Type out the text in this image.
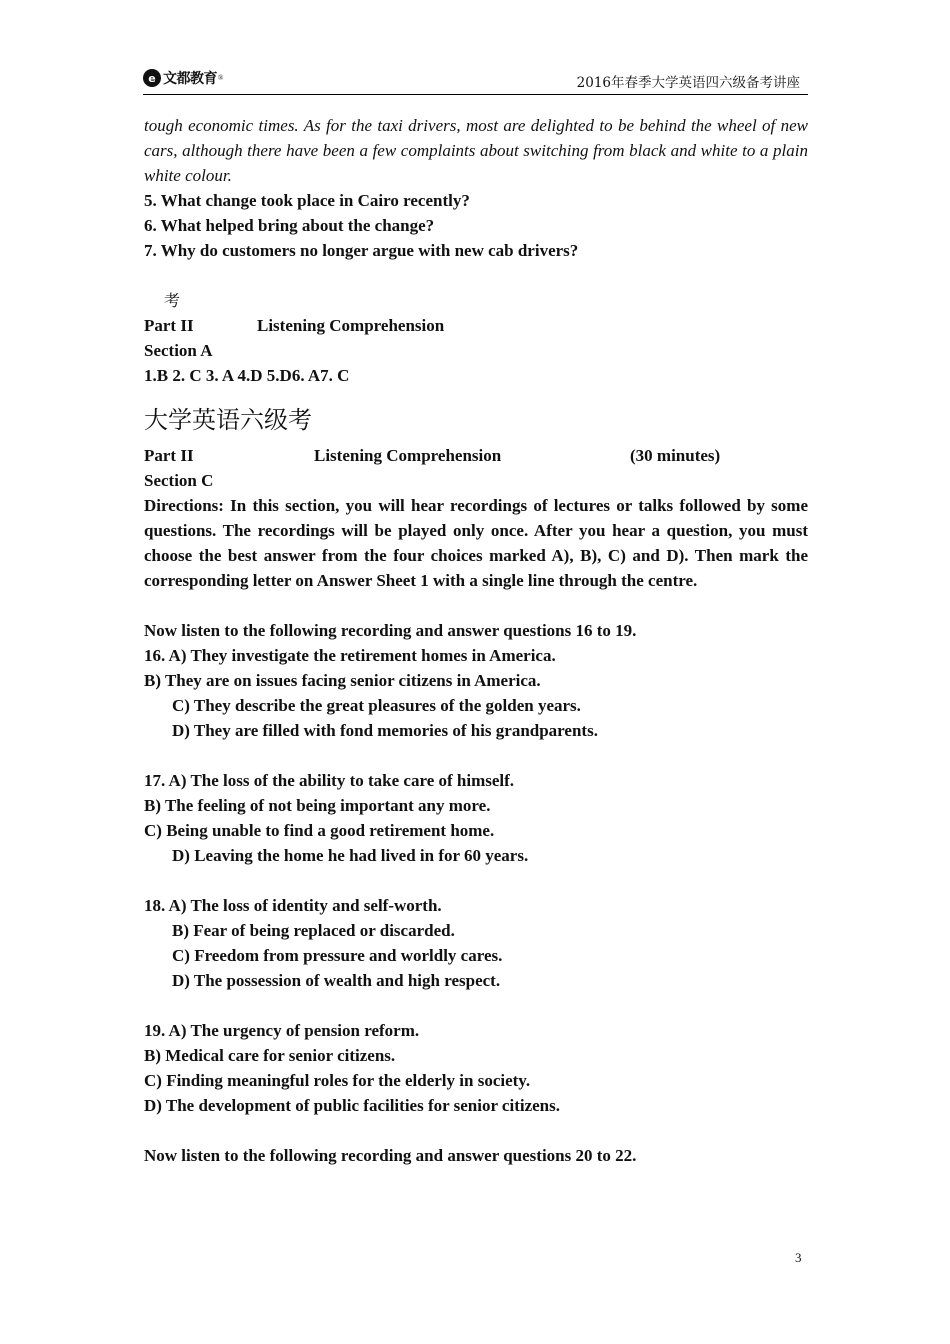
e 文都教育 ®	2016年春季大学英语四六级备考讲座
tough economic times. As for the taxi drivers, most are delighted to be behind the wheel of new cars, although there have been a few complaints about switching from black and white to a plain white colour.
5. What change took place in Cairo recently?
6. What helped bring about the change?
7. Why do customers no longer argue with new cab drivers?
考
Part II	Listening Comprehension
Section A
1.B 2. C 3. A 4.D 5.D6. A7. C
大学英语六级考
Part II	Listening Comprehension	(30 minutes)
Section C
Directions: In this section, you will hear recordings of lectures or talks followed by some questions. The recordings will be played only once. After you hear a question, you must choose the best answer from the four choices marked A), B), C) and D). Then mark the corresponding letter on Answer Sheet 1 with a single line through the centre.
Now listen to the following recording and answer questions 16 to 19.
16. A) They investigate the retirement homes in America.
B) They are on issues facing senior citizens in America.
C) They describe the great pleasures of the golden years.
D) They are filled with fond memories of his grandparents.
17. A) The loss of the ability to take care of himself.
B) The feeling of not being important any more.
C) Being unable to find a good retirement home.
D) Leaving the home he had lived in for 60 years.
18. A) The loss of identity and self-worth.
B) Fear of being replaced or discarded.
C) Freedom from pressure and worldly cares.
D) The possession of wealth and high respect.
19. A) The urgency of pension reform.
B) Medical care for senior citizens.
C) Finding meaningful roles for the elderly in society.
D) The development of public facilities for senior citizens.
Now listen to the following recording and answer questions 20 to 22.
3
